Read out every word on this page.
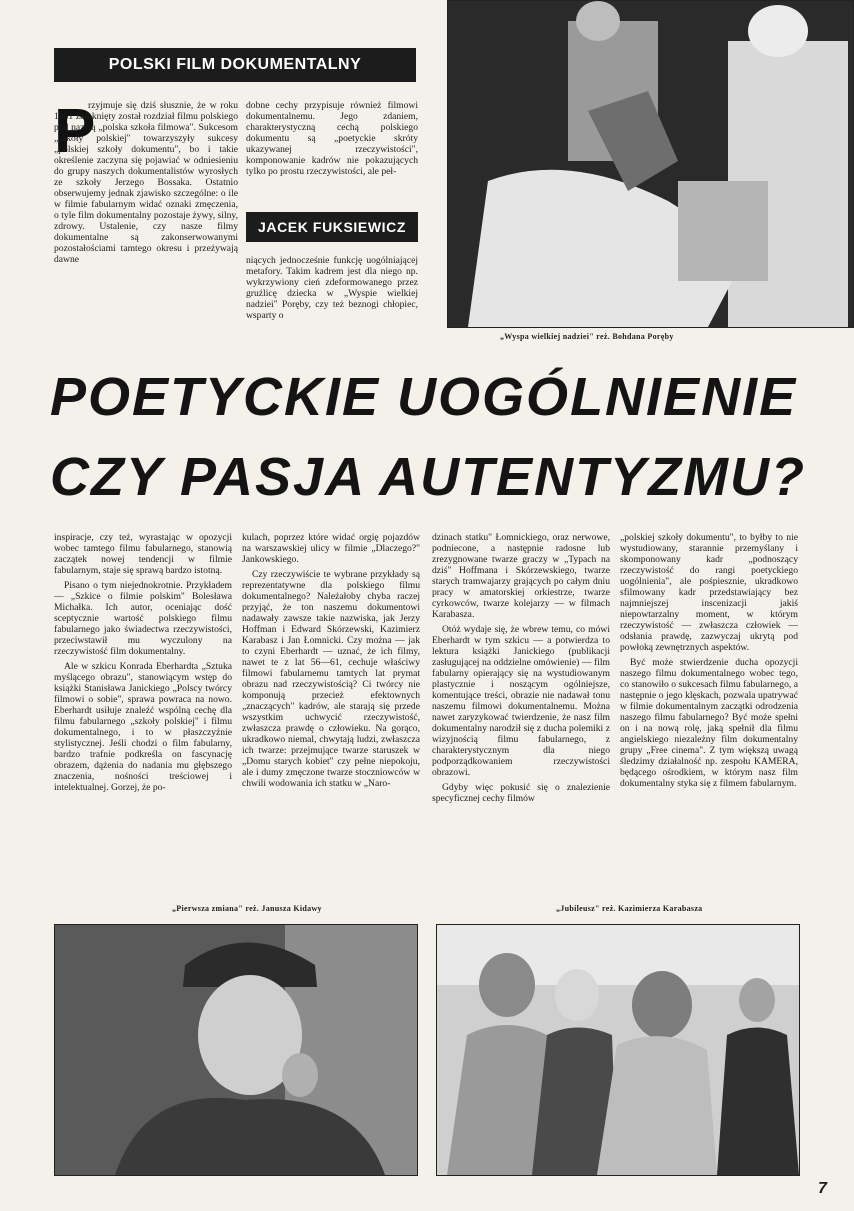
POLSKI FILM DOKUMENTALNY
P
rzyjmuje się dziś słusznie, że w roku 1961 zamknięty został rozdział filmu polskiego pod nazwą „polska szkoła filmowa". Sukcesom „szkoły polskiej" towarzyszyły sukcesy „polskiej szkoły dokumentu", bo i takie określenie zaczyna się pojawiać w odniesieniu do grupy naszych dokumentalistów wyrosłych ze szkoły Jerzego Bossaka. Ostatnio obserwujemy jednak zjawisko szczególne: o ile w filmie fabularnym widać oznaki zmęczenia, o tyle film dokumentalny pozostaje żywy, silny, zdrowy. Ustalenie, czy nasze filmy dokumentalne są zakonserwowanymi pozostałościami tamtego okresu i przeżywają dawne
dobne cechy przypisuje również filmowi dokumentalnemu. Jego zdaniem, charakterystyczną cechą polskiego dokumentu są „poetyckie skróty ukazywanej rzeczywistości", komponowanie kadrów nie pokazujących tylko po prostu rzeczywistości, ale peł-
JACEK FUKSIEWICZ
niących jednocześnie funkcję uogólniającej metafory. Takim kadrem jest dla niego np. wykrzywiony cień zdeformowanego przez gruźlicę dziecka w „Wyspie wielkiej nadziei" Poręby, czy też beznogi chłopiec, wsparty o
„Wyspa wielkiej nadziei" reż. Bohdana Poręby
POETYCKIE UOGÓLNIENIE
CZY PASJA AUTENTYZMU?

inspiracje, czy też, wyrastając w opozycji wobec tamtego filmu fabularnego, stanowią zaczątek nowej tendencji w filmie fabularnym, staje się sprawą bardzo istotną.

Pisano o tym niejednokrotnie. Przykładem — „Szkice o filmie polskim" Bolesława Michałka. Ich autor, oceniając dość sceptycznie wartość polskiego filmu fabularnego jako świadectwa rzeczywistości, przeciwstawił mu wyczulony na rzeczywistość film dokumentalny.

Ale w szkicu Konrada Eberhardta „Sztuka myślącego obrazu", stanowiącym wstęp do książki Stanisława Janickiego „Polscy twórcy filmowi o sobie", sprawa powraca na nowo. Eberhardt usiłuje znaleźć wspólną cechę dla filmu fabularnego „szkoły polskiej" i filmu dokumentalnego, i to w płaszczyźnie stylistycznej. Jeśli chodzi o film fabularny, bardzo trafnie podkreśla on fascynację obrazem, dążenia do nadania mu głębszego znaczenia, nośności treściowej i intelektualnej. Gorzej, że po-

kulach, poprzez które widać orgię pojazdów na warszawskiej ulicy w filmie „Dlaczego?" Jankowskiego.

Czy rzeczywiście te wybrane przykłady są reprezentatywne dla polskiego filmu dokumentalnego? Należałoby chyba raczej przyjąć, że ton naszemu dokumentowi nadawały zawsze takie nazwiska, jak Jerzy Hoffman i Edward Skórzewski, Kazimierz Karabasz i Jan Łomnicki. Czy można — jak to czyni Eberhardt — uznać, że ich filmy, nawet te z lat 56—61, cechuje właściwy filmowi fabularnemu tamtych lat prymat obrazu nad rzeczywistością? Ci twórcy nie komponują przecież efektownych „znaczących" kadrów, ale starają się przede wszystkim uchwycić rzeczywistość, zwłaszcza prawdę o człowieku. Na gorąco, ukradkowo niemal, chwytają ludzi, zwłaszcza ich twarze: przejmujące twarze staruszek w „Domu starych kobiet" czy pełne niepokoju, ale i dumy zmęczone twarze stoczniowców w chwili wodowania ich statku w „Naro-

dzinach statku" Łomnickiego, oraz nerwowe, podniecone, a następnie radosne lub zrezygnowane twarze graczy w „Typach na dziś" Hoffmana i Skórzewskiego, twarze starych tramwajarzy grających po całym dniu pracy w amatorskiej orkiestrze, twarze cyrkowców, twarze kolejarzy — w filmach Karabasza.

Otóż wydaje się, że wbrew temu, co mówi Eberhardt w tym szkicu — a potwierdza to lektura książki Janickiego (publikacji zasługującej na oddzielne omówienie) — film fabularny opierający się na wystudiowanym plastycznie i noszącym ogólniejsze, komentujące treści, obrazie nie nadawał tonu naszemu filmowi dokumentalnemu. Można nawet zaryzykować twierdzenie, że nasz film dokumentalny narodził się z ducha polemiki z wizyjnością filmu fabularnego, z charakterystycznym dla niego podporządkowaniem rzeczywistości obrazowi.

Gdyby więc pokusić się o znalezienie specyficznej cechy filmów

„polskiej szkoły dokumentu", to byłby to nie wystudiowany, starannie przemyślany i skomponowany kadr „podnoszący rzeczywistość do rangi poetyckiego uogólnienia", ale pośpiesznie, ukradkowo sfilmowany kadr przedstawiający bez najmniejszej inscenizacji jakiś niepowtarzalny moment, w którym rzeczywistość — zwłaszcza człowiek — odsłania prawdę, zazwyczaj ukrytą pod powłoką zewnętrznych aspektów.

Być może stwierdzenie ducha opozycji naszego filmu dokumentalnego wobec tego, co stanowiło o sukcesach filmu fabularnego, a następnie o jego klęskach, pozwala upatrywać w filmie dokumentalnym zaczątki odrodzenia naszego filmu fabularnego? Być może spełni on i na nową rolę, jaką spełnił dla filmu angielskiego niezależny film dokumentalny grupy „Free cinema". Z tym większą uwagą śledzimy działalność np. zespołu KAMERA, będącego ośrodkiem, w którym nasz film dokumentalny styka się z filmem fabularnym.

„Pierwsza zmiana" reż. Janusza Kidawy	„Jubileusz" reż. Kazimierza Karabasza
7
